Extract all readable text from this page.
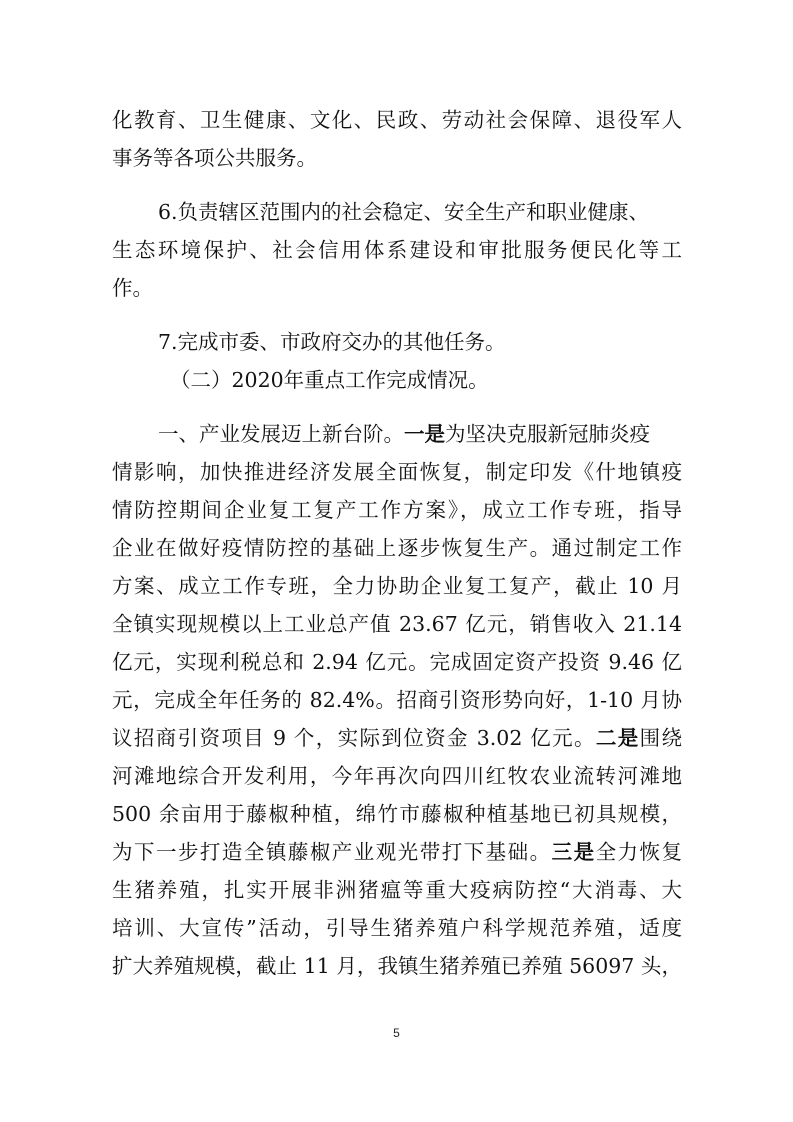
化教育、卫生健康、文化、民政、劳动社会保障、退役军人
事务等各项公共服务。
6.负责辖区范围内的社会稳定、安全生产和职业健康、
生态环境保护、社会信用体系建设和审批服务便民化等工
作。
7.完成市委、市政府交办的其他任务。
（二）2020年重点工作完成情况。
一、产业发展迈上新台阶。一是为坚决克服新冠肺炎疫
情影响，加快推进经济发展全面恢复，制定印发《什地镇疫
情防控期间企业复工复产工作方案》，成立工作专班，指导
企业在做好疫情防控的基础上逐步恢复生产。通过制定工作
方案、成立工作专班，全力协助企业复工复产，截止 10 月
全镇实现规模以上工业总产值 23.67 亿元，销售收入 21.14
亿元，实现利税总和 2.94 亿元。完成固定资产投资 9.46 亿
元，完成全年任务的 82.4%。招商引资形势向好，1-10 月协
议招商引资项目 9 个，实际到位资金 3.02 亿元。二是围绕
河滩地综合开发利用，今年再次向四川红牧农业流转河滩地
500 余亩用于藤椒种植，绵竹市藤椒种植基地已初具规模，
为下一步打造全镇藤椒产业观光带打下基础。三是全力恢复
生猪养殖，扎实开展非洲猪瘟等重大疫病防控“大消毒、大
培训、大宣传”活动，引导生猪养殖户科学规范养殖，适度
扩大养殖规模，截止 11 月，我镇生猪养殖已养殖 56097 头，
5
